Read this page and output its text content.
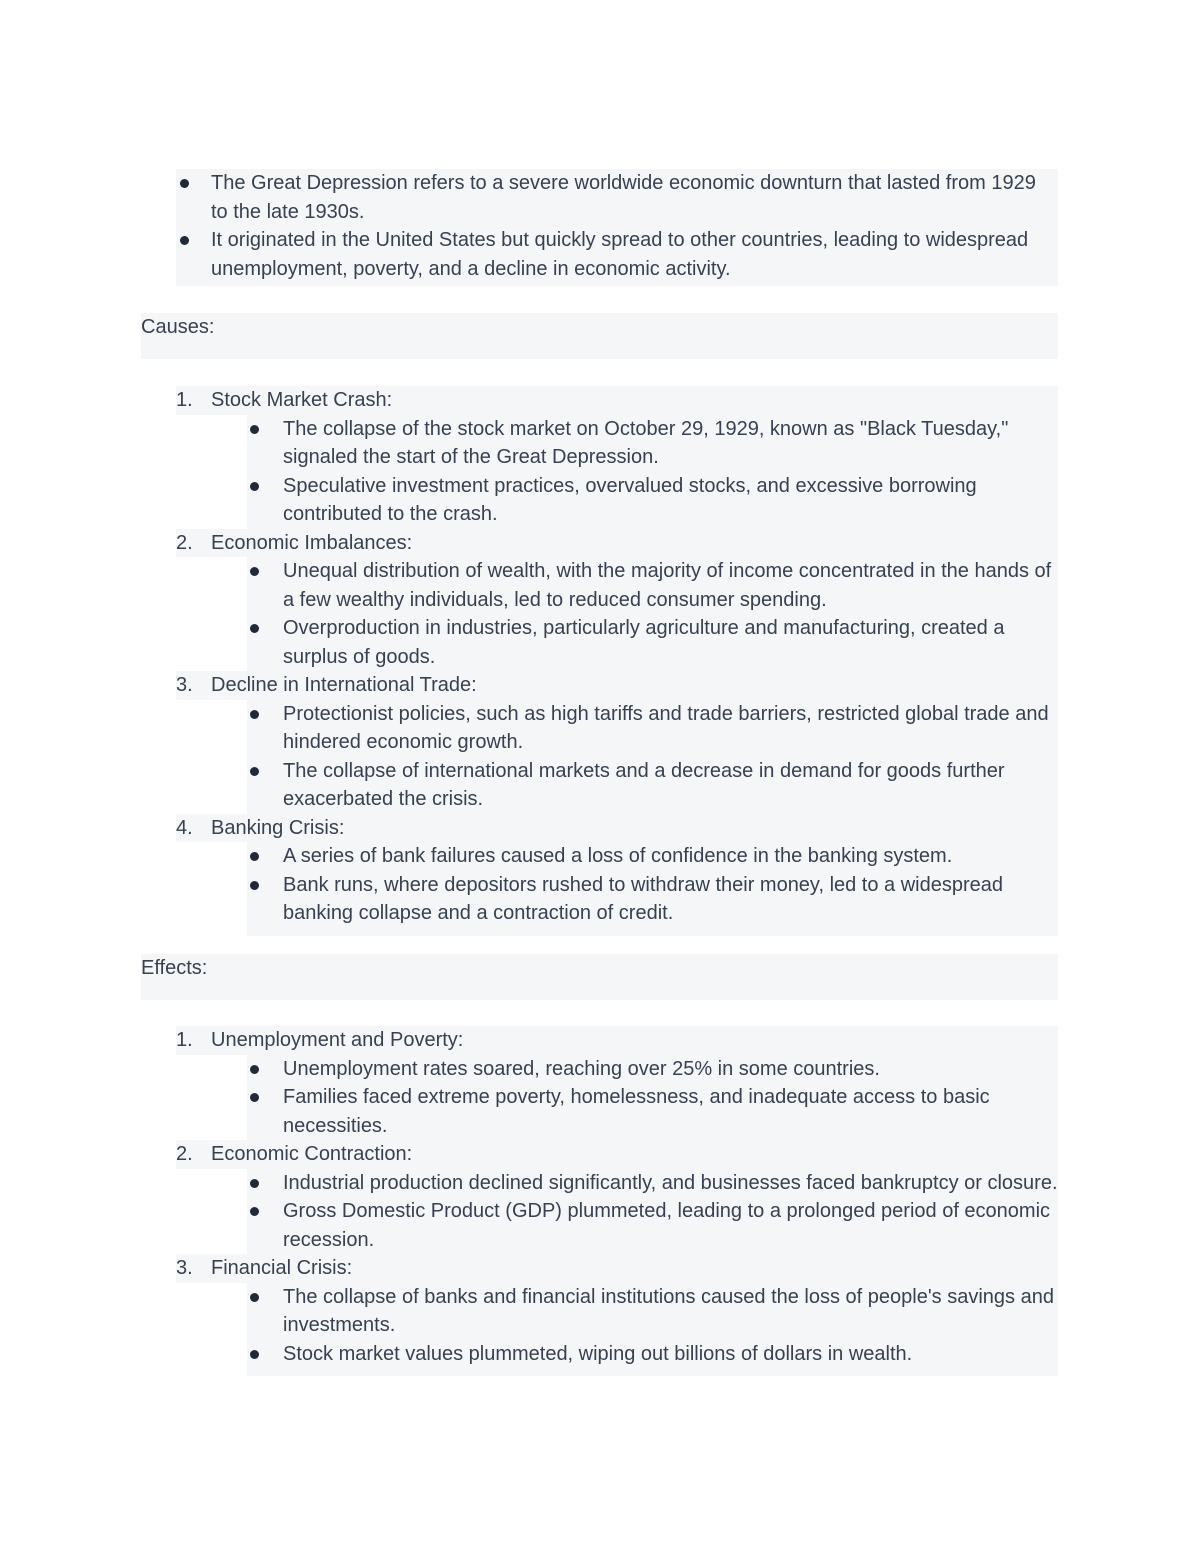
The Great Depression refers to a severe worldwide economic downturn that lasted from 1929 to the late 1930s.
It originated in the United States but quickly spread to other countries, leading to widespread unemployment, poverty, and a decline in economic activity.
Causes:
1. Stock Market Crash:
The collapse of the stock market on October 29, 1929, known as "Black Tuesday," signaled the start of the Great Depression.
Speculative investment practices, overvalued stocks, and excessive borrowing contributed to the crash.
2. Economic Imbalances:
Unequal distribution of wealth, with the majority of income concentrated in the hands of a few wealthy individuals, led to reduced consumer spending.
Overproduction in industries, particularly agriculture and manufacturing, created a surplus of goods.
3. Decline in International Trade:
Protectionist policies, such as high tariffs and trade barriers, restricted global trade and hindered economic growth.
The collapse of international markets and a decrease in demand for goods further exacerbated the crisis.
4. Banking Crisis:
A series of bank failures caused a loss of confidence in the banking system.
Bank runs, where depositors rushed to withdraw their money, led to a widespread banking collapse and a contraction of credit.
Effects:
1. Unemployment and Poverty:
Unemployment rates soared, reaching over 25% in some countries.
Families faced extreme poverty, homelessness, and inadequate access to basic necessities.
2. Economic Contraction:
Industrial production declined significantly, and businesses faced bankruptcy or closure.
Gross Domestic Product (GDP) plummeted, leading to a prolonged period of economic recession.
3. Financial Crisis:
The collapse of banks and financial institutions caused the loss of people's savings and investments.
Stock market values plummeted, wiping out billions of dollars in wealth.
